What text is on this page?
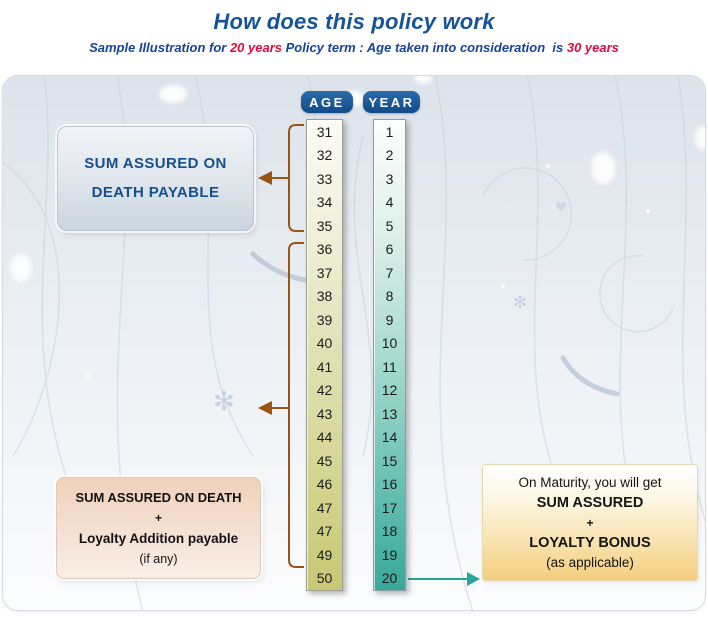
How does this policy work
Sample Illustration for 20 years Policy term : Age taken into consideration  is 30 years
✻
✻
♥
AGE	YEAR
31
32
33
34
35
36
37
38
39
40
41
42
43
44
45
46
47
47
49
50
1
2
3
4
5
6
7
8
9
10
11
12
13
14
15
16
17
18
19
20
SUM ASSURED ON
DEATH PAYABLE
SUM ASSURED ON DEATH
+
Loyalty Addition payable
(if any)
On Maturity, you will get
SUM ASSURED
+
LOYALTY BONUS
(as applicable)
